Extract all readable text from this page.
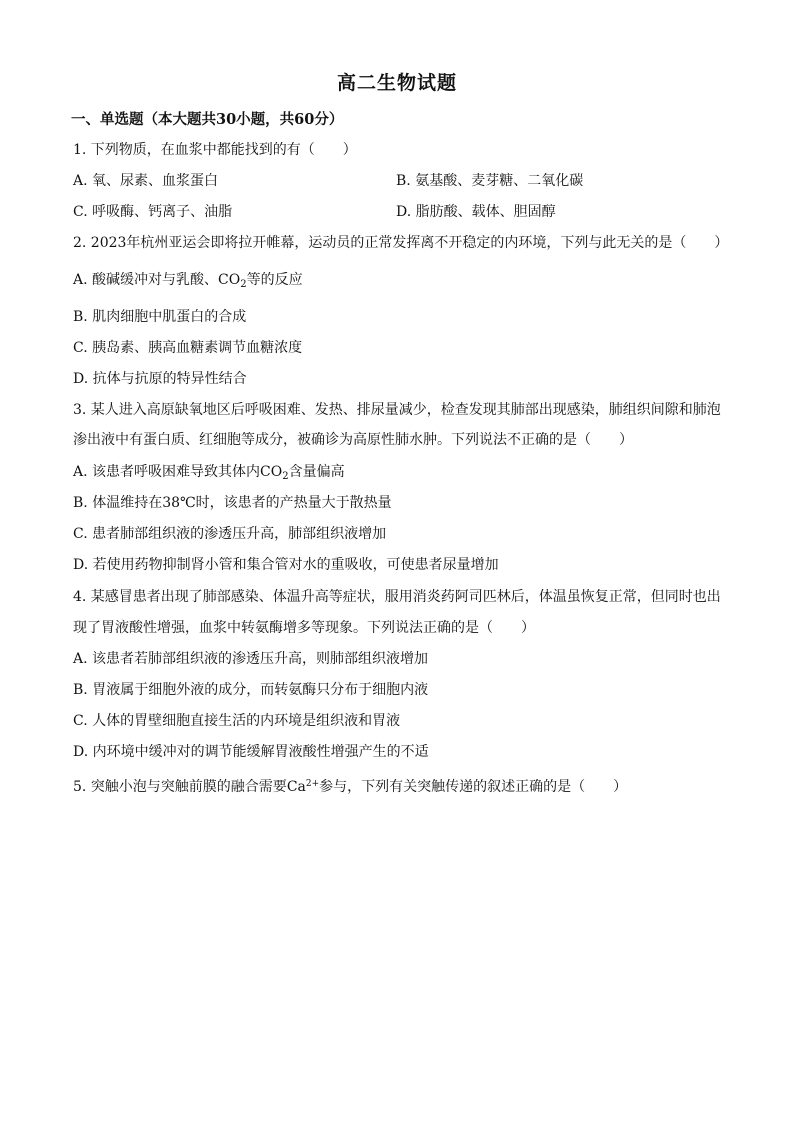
高二生物试题
一、单选题（本大题共30小题，共60分）
1. 下列物质，在血浆中都能找到的有（　　）
A. 氧、尿素、血浆蛋白	B. 氨基酸、麦芽糖、二氧化碳
C. 呼吸酶、钙离子、油脂	D. 脂肪酸、载体、胆固醇
2. 2023年杭州亚运会即将拉开帷幕，运动员的正常发挥离不开稳定的内环境，下列与此无关的是（　　）
A. 酸碱缓冲对与乳酸、$CO_2$等的反应
B. 肌肉细胞中肌蛋白的合成
C. 胰岛素、胰高血糖素调节血糖浓度
D. 抗体与抗原的特异性结合
3. 某人进入高原缺氧地区后呼吸困难、发热、排尿量减少，检查发现其肺部出现感染，肺组织间隙和肺泡
渗出液中有蛋白质、红细胞等成分，被确诊为高原性肺水肿。下列说法不正确的是（　　）
A. 该患者呼吸困难导致其体内$CO_2$含量偏高
B. 体温维持在38℃时，该患者的产热量大于散热量
C. 患者肺部组织液的渗透压升高，肺部组织液增加
D. 若使用药物抑制肾小管和集合管对水的重吸收，可使患者尿量增加
4. 某感冒患者出现了肺部感染、体温升高等症状，服用消炎药阿司匹林后，体温虽恢复正常，但同时也出
现了胃液酸性增强，血浆中转氨酶增多等现象。下列说法正确的是（　　）
A. 该患者若肺部组织液的渗透压升高，则肺部组织液增加
B. 胃液属于细胞外液的成分，而转氨酶只分布于细胞内液
C. 人体的胃壁细胞直接生活的内环境是组织液和胃液
D. 内环境中缓冲对的调节能缓解胃液酸性增强产生的不适
5. 突触小泡与突触前膜的融合需要$Ca^{2+}$参与，下列有关突触传递的叙述正确的是（　　）
